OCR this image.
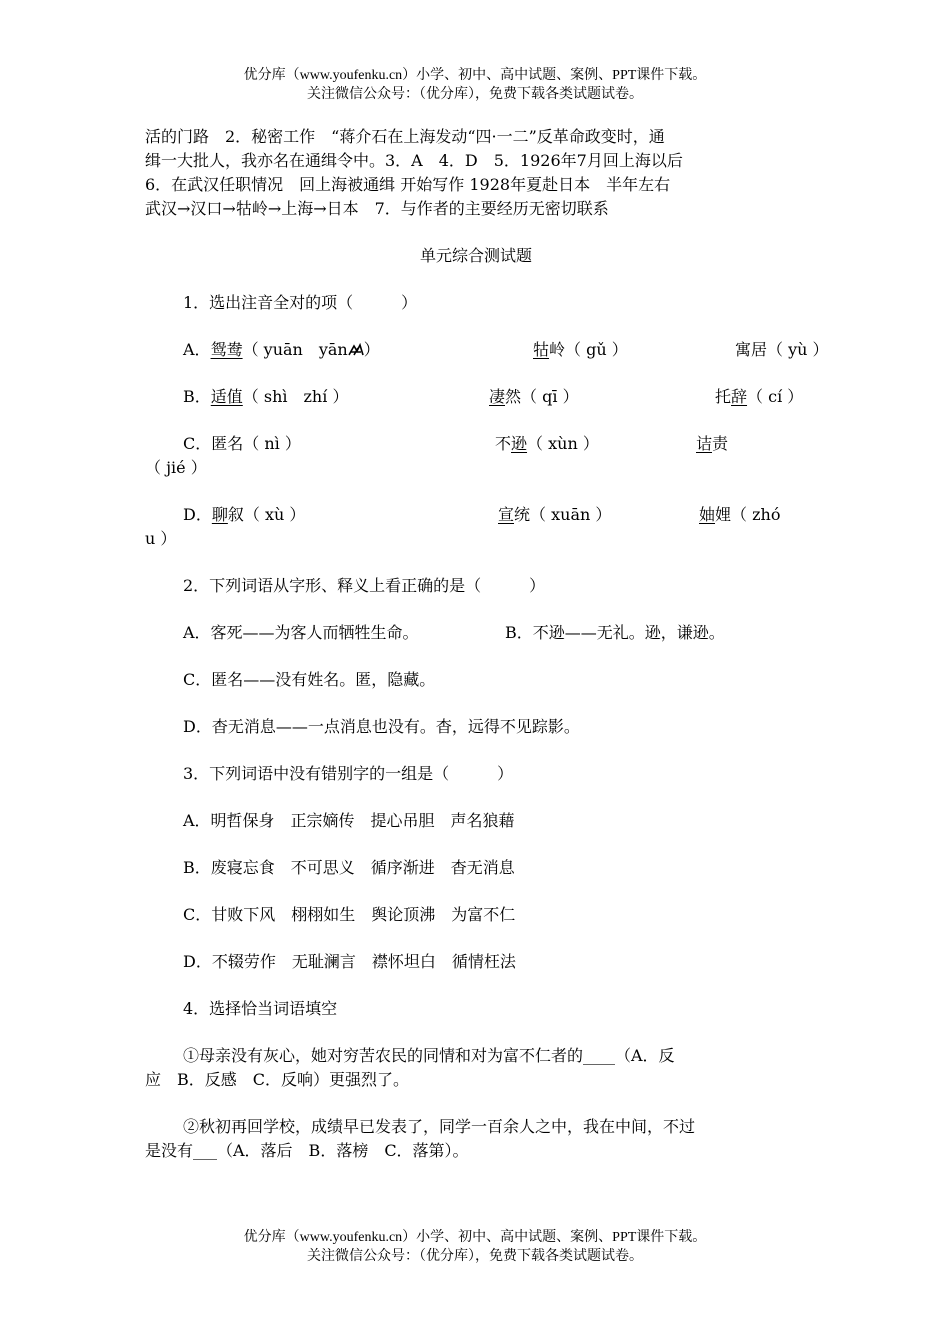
优分库（www.youfenku.cn）小学、初中、高中试题、案例、PPT课件下载。
关注微信公众号：（优分库），免费下载各类试题试卷。

活的门路　2．秘密工作　“蒋介石在上海发动“四·一二”反革命政变时，通

缉一大批人，我亦名在通缉令中。3．A　4．D　5．1926年7月回上海以后

6．在武汉任职情况　回上海被通缉 开始写作 1928年夏赴日本　半年左右

武汉→汉口→牯岭→上海→日本　7．与作者的主要经历无密切联系

单元综合测试题

1．选出注音全对的项（　　　）

A．鸳鸯（ yuān　yān ）	牯岭（ gǔ ）	寓居（ yù ）
B．适值（ shì　zhí ）	凄然（ qī ）	托辞（ cí ）
C．匿名（ nì ）	不逊（ xùn ）	诘责

（ jié ）

D．聊叙（ xù ）	宣统（ xuān ）	妯娌（ zhó

u ）

2．下列词语从字形、释义上看正确的是（　　　）

A．客死——为客人而牺牲生命。	B．不逊——无礼。逊，谦逊。

C．匿名——没有姓名。匿，隐藏。

D．杳无消息——一点消息也没有。杳，远得不见踪影。

3．下列词语中没有错别字的一组是（　　　）

A．明哲保身　正宗嫡传　提心吊胆　声名狼藉

B．废寝忘食　不可思义　循序渐进　杳无消息

C．甘败下风　栩栩如生　舆论顶沸　为富不仁

D．不辍劳作　无耻澜言　襟怀坦白　循情枉法

4．选择恰当词语填空

①母亲没有灰心，她对穷苦农民的同情和对为富不仁者的____（A．反

应　B．反感　C．反响）更强烈了。

②秋初再回学校，成绩早已发表了，同学一百余人之中，我在中间，不过

是没有___（A．落后　B．落榜　C．落第）。

优分库（www.youfenku.cn）小学、初中、高中试题、案例、PPT课件下载。
关注微信公众号：（优分库），免费下载各类试题试卷。
